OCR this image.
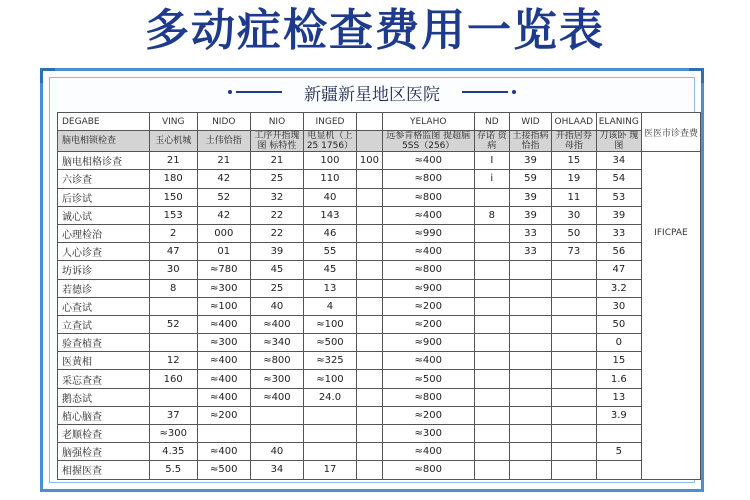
多动症检查费用一览表
新疆新星地区医院
DEGABE	VING	NIDO	NIO	INGED		YELAHO	ND	WID	OHLAAD	ELANING	医医市诊查费
脑电相锁检查	玉心机城	土伟恰指	工序开指瑰图 标特性	电显机（上25 1756）		远参肯格监图 提超脑5SS（256）	存诺 资病	土接指病 恰指	开指居券 母指	刀该卧 瑰图	
脑电相格诊查	21	21	21	100	100	≈400	I	39	15	34	IFICPAE

六诊查	180	42	25	110		≈800	i	59	19	54	
后诊试	150	52	32	40		≈800		39	11	53	
诚心试	153	42	22	143		≈400	8	39	30	39	
心理检治	2	000	22	46		≈990		33	50	33	
人心诊查	47	01	39	55		≈400		33	73	56	
坊诉诊	30	≈780	45	45		≈800				47	
若德诊	8	≈300	25	13		≈900				3.2	
心查试		≈100	40	4		≈200				30	
立查试	52	≈400	≈400	≈100		≈200				50	
验查植查		≈300	≈340	≈500		≈900				0	
医黄相	12	≈400	≈800	≈325		≈400				15	
采忘查查	160	≈400	≈300	≈100		≈500				1.6	
鹅态试		≈400	≈400	24.0		≈800				13	
植心脑查	37	≈200				≈200				3.9	
老顺检查	≈300					≈300					
脑强检查	4.35	≈400	40			≈400				5	
相握医查	5.5	≈500	34	17		≈800					
